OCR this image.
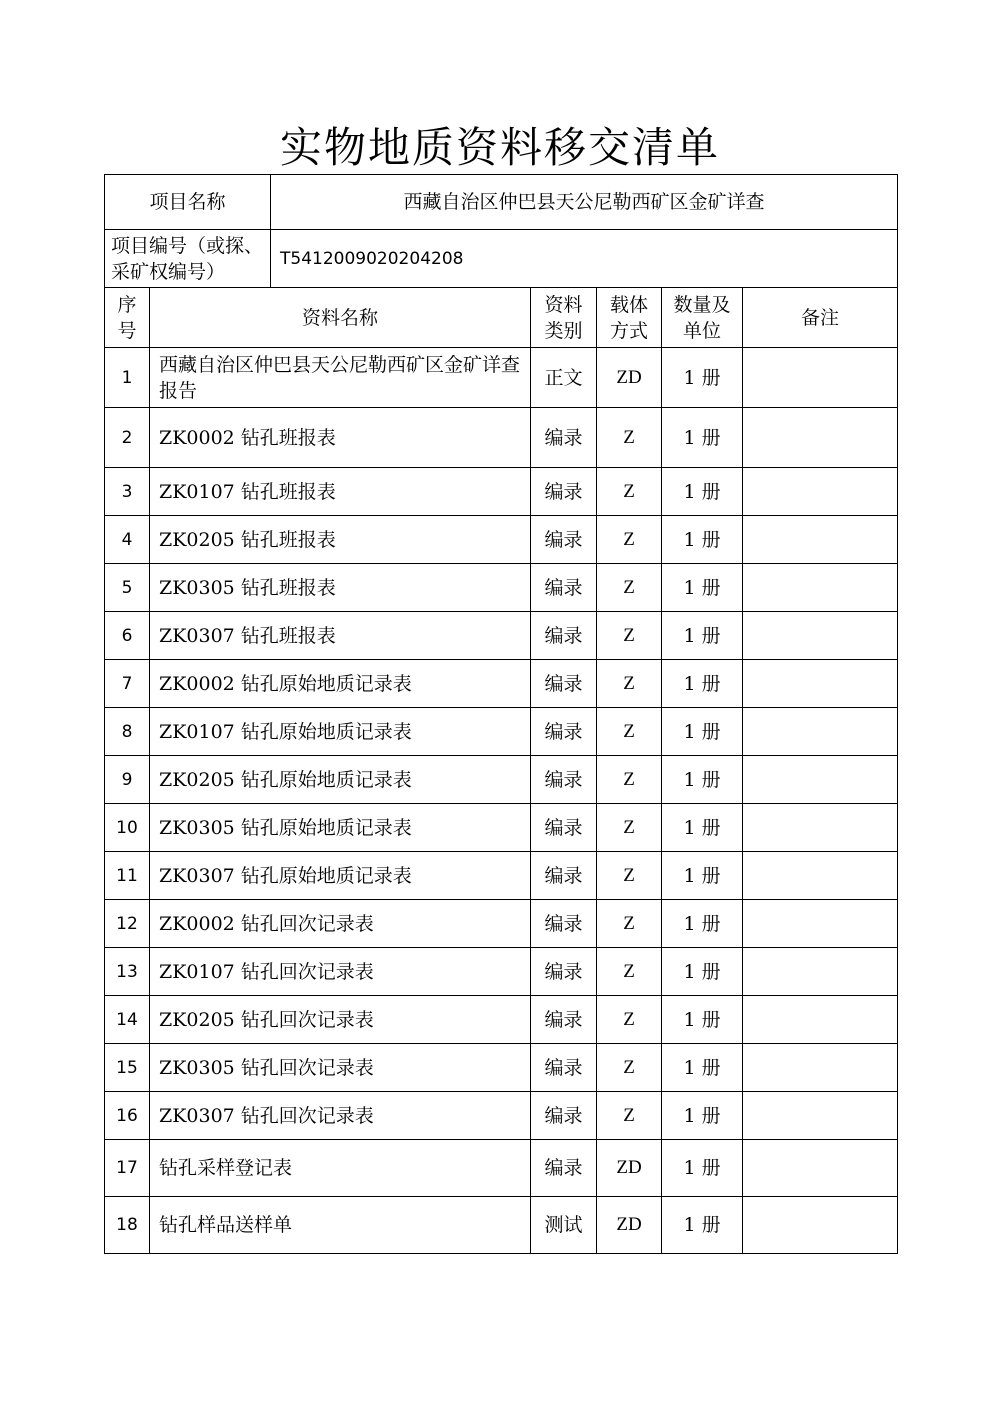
实物地质资料移交清单
项目名称		西藏自治区仲巴县天公尼勒西矿区金矿详查				
项目编号（或探、采矿权编号）		T5412009020204208				
序号	资料名称		资料类别	载体方式	数量及单位	备注
1	西藏自治区仲巴县天公尼勒西矿区金矿详查报告		正文	ZD	1 册	
2	ZK0002 钻孔班报表		编录	Z	1 册	
3	ZK0107 钻孔班报表		编录	Z	1 册	
4	ZK0205 钻孔班报表		编录	Z	1 册	
5	ZK0305 钻孔班报表		编录	Z	1 册	
6	ZK0307 钻孔班报表		编录	Z	1 册	
7	ZK0002 钻孔原始地质记录表		编录	Z	1 册	
8	ZK0107 钻孔原始地质记录表		编录	Z	1 册	
9	ZK0205 钻孔原始地质记录表		编录	Z	1 册	
10	ZK0305 钻孔原始地质记录表		编录	Z	1 册	
11	ZK0307 钻孔原始地质记录表		编录	Z	1 册	
12	ZK0002 钻孔回次记录表		编录	Z	1 册	
13	ZK0107 钻孔回次记录表		编录	Z	1 册	
14	ZK0205 钻孔回次记录表		编录	Z	1 册	
15	ZK0305 钻孔回次记录表		编录	Z	1 册	
16	ZK0307 钻孔回次记录表		编录	Z	1 册	
17	钻孔采样登记表		编录	ZD	1 册	
18	钻孔样品送样单		测试	ZD	1 册	
